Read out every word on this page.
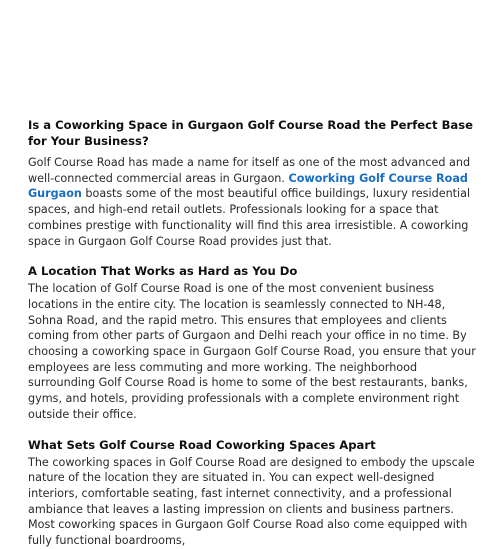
Is a Coworking Space in Gurgaon Golf Course Road the Perfect Base for Your Business?

Golf Course Road has made a name for itself as one of the most advanced and well-connected commercial areas in Gurgaon. Coworking Golf Course Road Gurgaon boasts some of the most beautiful office buildings, luxury residential spaces, and high-end retail outlets. Professionals looking for a space that combines prestige with functionality will find this area irresistible. A coworking space in Gurgaon Golf Course Road provides just that.

A Location That Works as Hard as You Do

The location of Golf Course Road is one of the most convenient business locations in the entire city. The location is seamlessly connected to NH-48, Sohna Road, and the rapid metro. This ensures that employees and clients coming from other parts of Gurgaon and Delhi reach your office in no time. By choosing a coworking space in Gurgaon Golf Course Road, you ensure that your employees are less commuting and more working. The neighborhood surrounding Golf Course Road is home to some of the best restaurants, banks, gyms, and hotels, providing professionals with a complete environment right outside their office.

What Sets Golf Course Road Coworking Spaces Apart

The coworking spaces in Golf Course Road are designed to embody the upscale nature of the location they are situated in. You can expect well-designed interiors, comfortable seating, fast internet connectivity, and a professional ambiance that leaves a lasting impression on clients and business partners. Most coworking spaces in Gurgaon Golf Course Road also come equipped with fully functional boardrooms,
